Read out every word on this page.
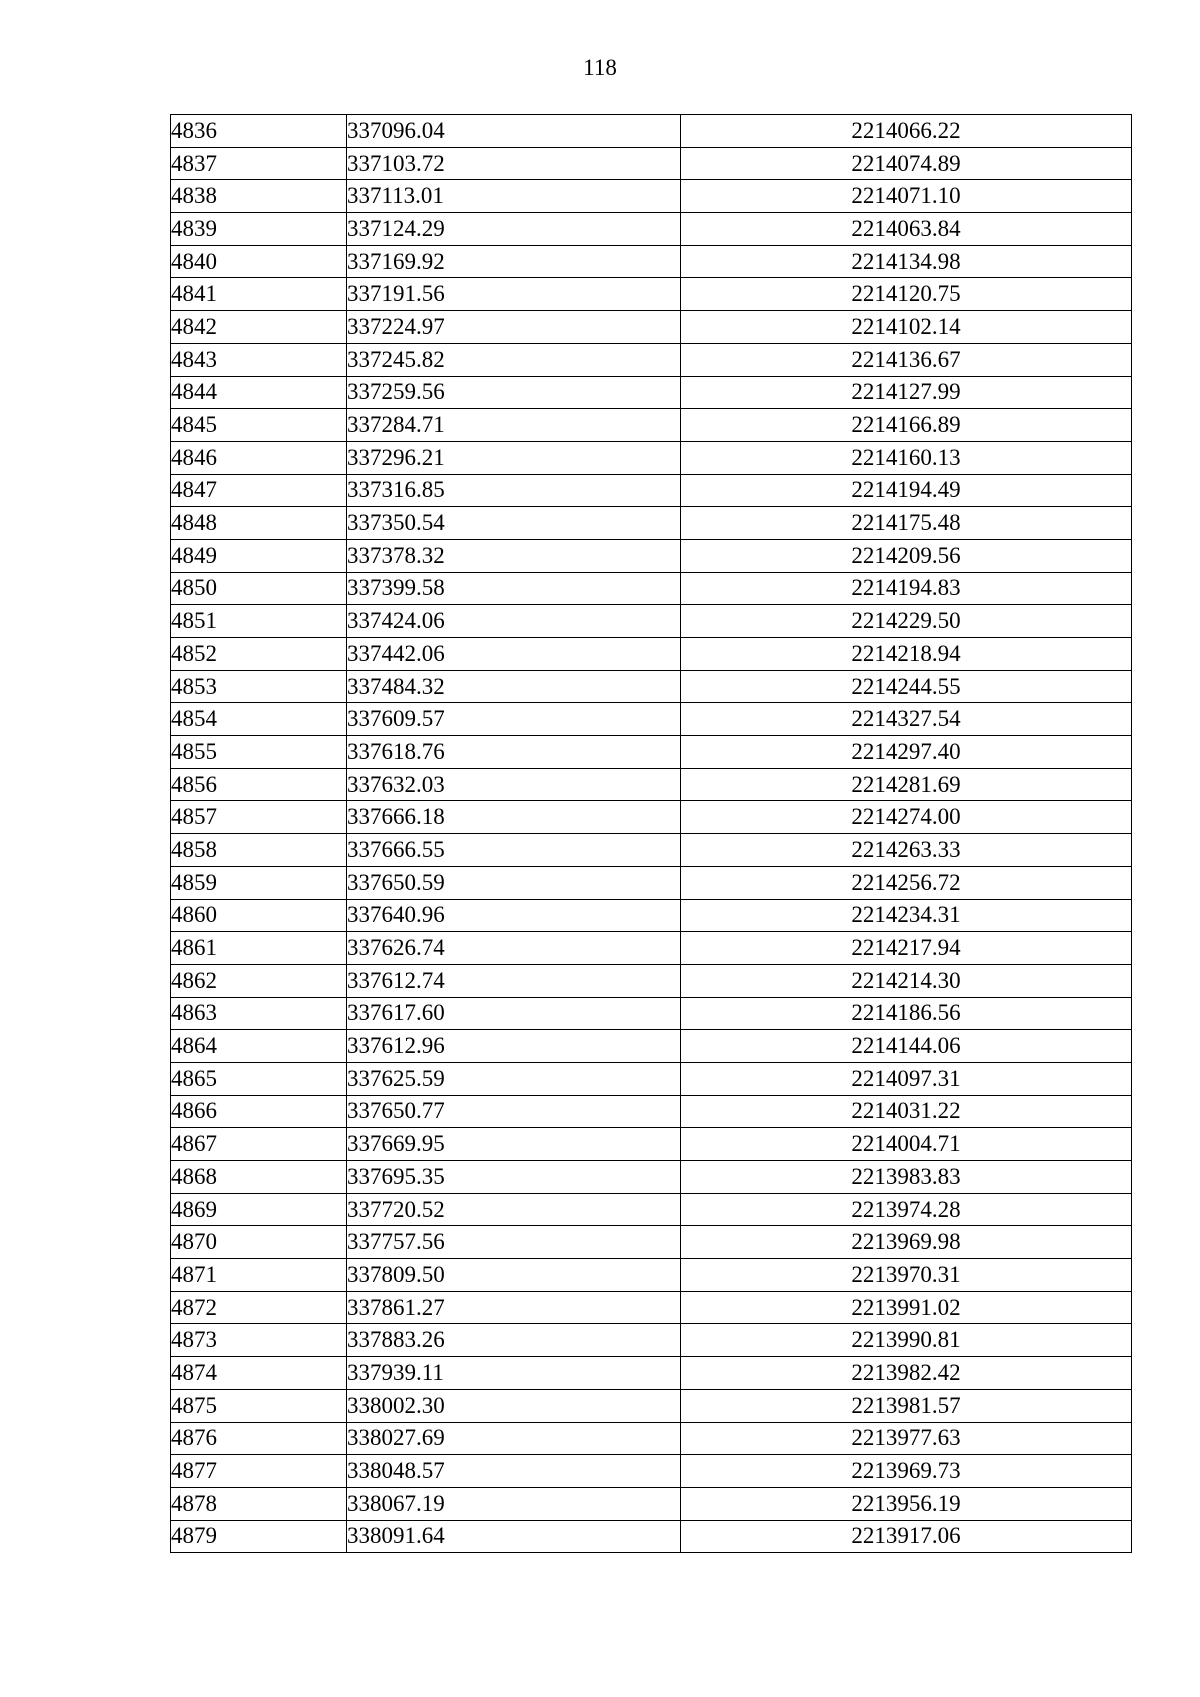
118
4836	337096.04	2214066.22
4837	337103.72	2214074.89
4838	337113.01	2214071.10
4839	337124.29	2214063.84
4840	337169.92	2214134.98
4841	337191.56	2214120.75
4842	337224.97	2214102.14
4843	337245.82	2214136.67
4844	337259.56	2214127.99
4845	337284.71	2214166.89
4846	337296.21	2214160.13
4847	337316.85	2214194.49
4848	337350.54	2214175.48
4849	337378.32	2214209.56
4850	337399.58	2214194.83
4851	337424.06	2214229.50
4852	337442.06	2214218.94
4853	337484.32	2214244.55
4854	337609.57	2214327.54
4855	337618.76	2214297.40
4856	337632.03	2214281.69
4857	337666.18	2214274.00
4858	337666.55	2214263.33
4859	337650.59	2214256.72
4860	337640.96	2214234.31
4861	337626.74	2214217.94
4862	337612.74	2214214.30
4863	337617.60	2214186.56
4864	337612.96	2214144.06
4865	337625.59	2214097.31
4866	337650.77	2214031.22
4867	337669.95	2214004.71
4868	337695.35	2213983.83
4869	337720.52	2213974.28
4870	337757.56	2213969.98
4871	337809.50	2213970.31
4872	337861.27	2213991.02
4873	337883.26	2213990.81
4874	337939.11	2213982.42
4875	338002.30	2213981.57
4876	338027.69	2213977.63
4877	338048.57	2213969.73
4878	338067.19	2213956.19
4879	338091.64	2213917.06
